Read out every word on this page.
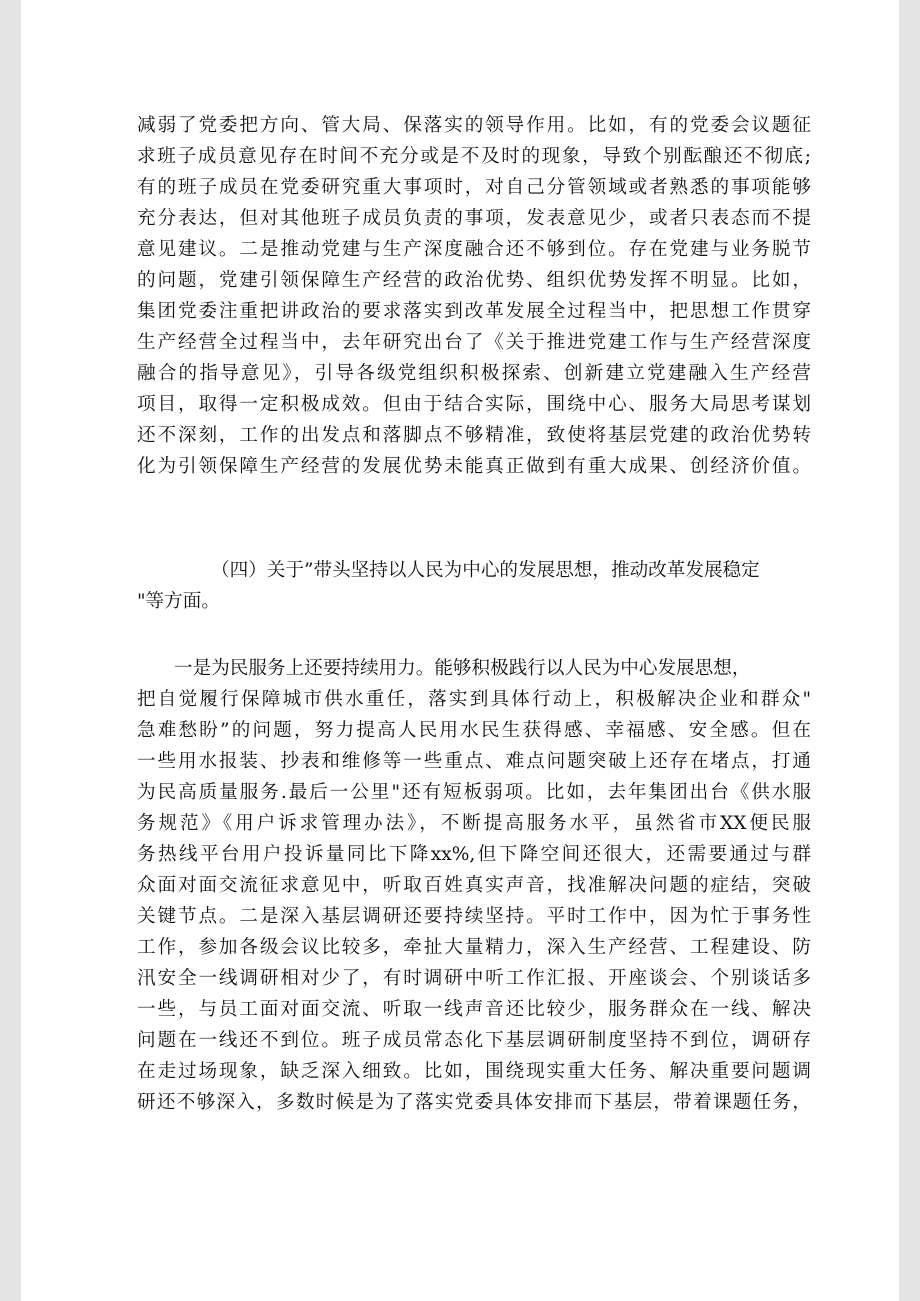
减弱了党委把方向、管大局、保落实的领导作用。比如，有的党委会议题征
求班子成员意见存在时间不充分或是不及时的现象，导致个别酝酿还不彻底;
有的班子成员在党委研究重大事项时，对自己分管领域或者熟悉的事项能够
充分表达，但对其他班子成员负责的事项，发表意见少，或者只表态而不提
意见建议。二是推动党建与生产深度融合还不够到位。存在党建与业务脱节
的问题，党建引领保障生产经营的政治优势、组织优势发挥不明显。比如，
集团党委注重把讲政治的要求落实到改革发展全过程当中，把思想工作贯穿
生产经营全过程当中，去年研究出台了《关于推进党建工作与生产经营深度
融合的指导意见》，引导各级党组织积极探索、创新建立党建融入生产经营
项目，取得一定积极成效。但由于结合实际，围绕中心、服务大局思考谋划
还不深刻，工作的出发点和落脚点不够精准，致使将基层党建的政治优势转
化为引领保障生产经营的发展优势未能真正做到有重大成果、创经济价值。
（四）关于”带头坚持以人民为中心的发展思想，推动改革发展稳定
"等方面。
一是为民服务上还要持续用力。能够积极践行以人民为中心发展思想，
把自觉履行保障城市供水重任，落实到具体行动上，积极解决企业和群众"
急难愁盼”的问题，努力提高人民用水民生获得感、幸福感、安全感。但在
一些用水报装、抄表和维修等一些重点、难点问题突破上还存在堵点，打通
为民高质量服务.最后一公里"还有短板弱项。比如，去年集团出台《供水服
务规范》《用户诉求管理办法》，不断提高服务水平，虽然省市XX便民服
务热线平台用户投诉量同比下降xx%,但下降空间还很大，还需要通过与群
众面对面交流征求意见中，听取百姓真实声音，找准解决问题的症结，突破
关键节点。二是深入基层调研还要持续坚持。平时工作中，因为忙于事务性
工作，参加各级会议比较多，牵扯大量精力，深入生产经营、工程建设、防
汛安全一线调研相对少了，有时调研中听工作汇报、开座谈会、个别谈话多
一些，与员工面对面交流、听取一线声音还比较少，服务群众在一线、解决
问题在一线还不到位。班子成员常态化下基层调研制度坚持不到位，调研存
在走过场现象，缺乏深入细致。比如，围绕现实重大任务、解决重要问题调
研还不够深入，多数时候是为了落实党委具体安排而下基层，带着课题任务，
